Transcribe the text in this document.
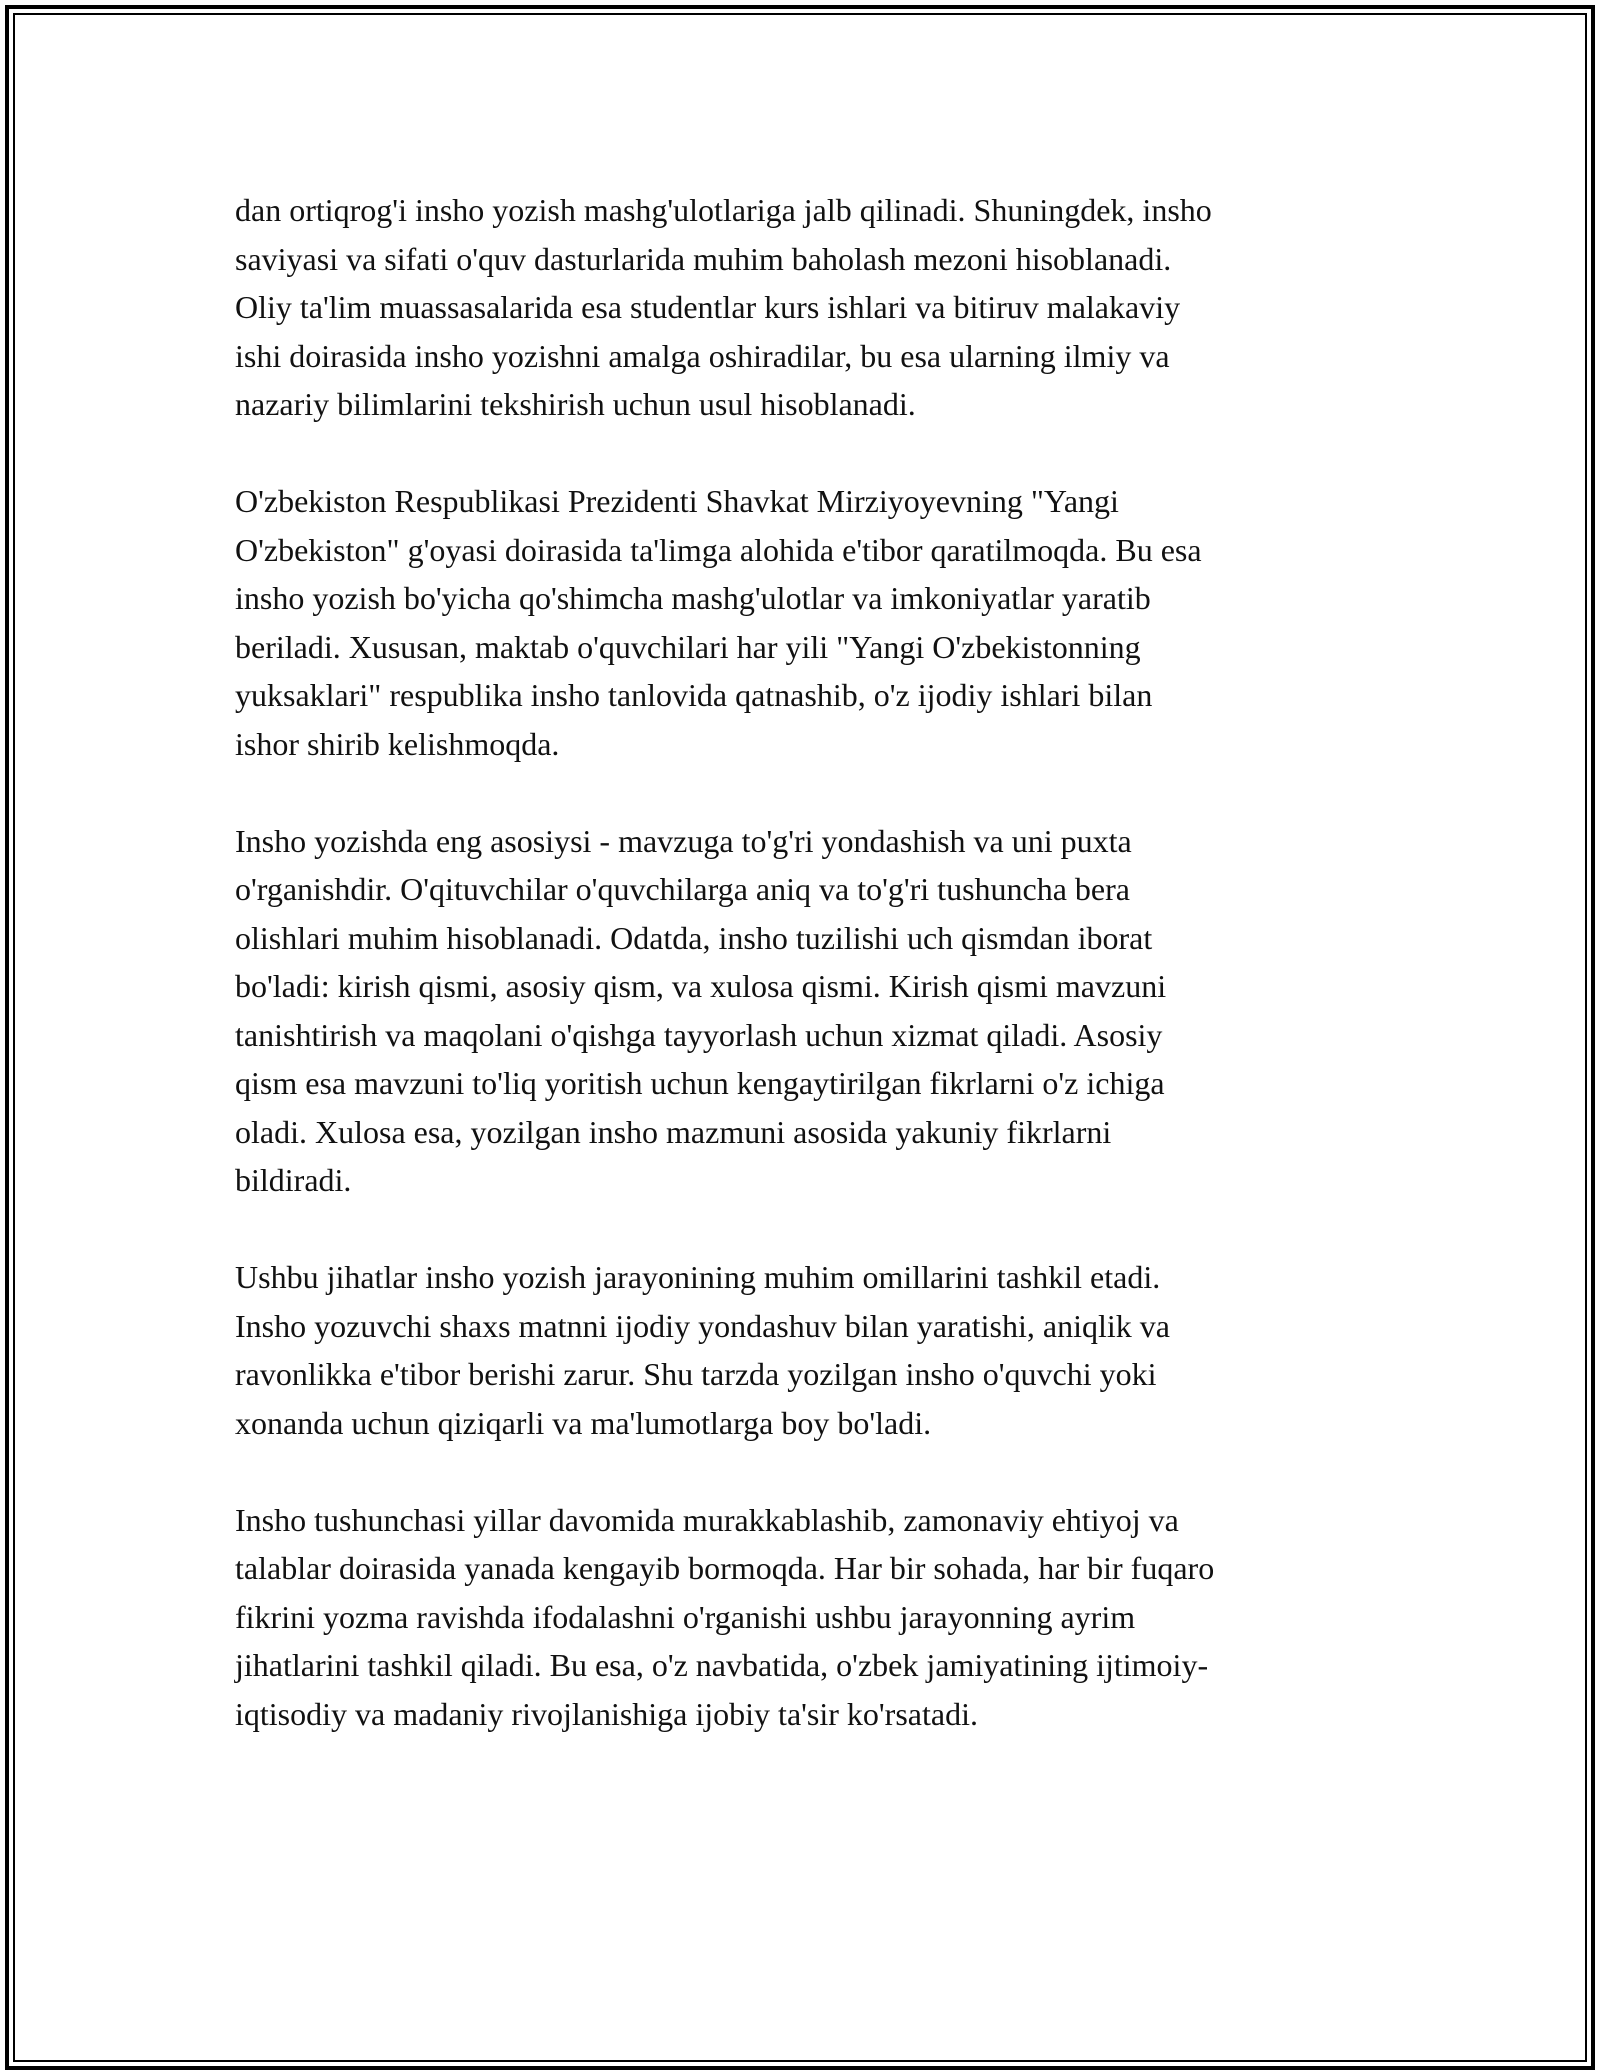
dan ortiqrog'i insho yozish mashg'ulotlariga jalb qilinadi. Shuningdek, insho
saviyasi va sifati o'quv dasturlarida muhim baholash mezoni hisoblanadi.
Oliy ta'lim muassasalarida esa studentlar kurs ishlari va bitiruv malakaviy
ishi doirasida insho yozishni amalga oshiradilar, bu esa ularning ilmiy va
nazariy bilimlarini tekshirish uchun usul hisoblanadi.

O'zbekiston Respublikasi Prezidenti Shavkat Mirziyoyevning "Yangi
O'zbekiston" g'oyasi doirasida ta'limga alohida e'tibor qaratilmoqda. Bu esa
insho yozish bo'yicha qo'shimcha mashg'ulotlar va imkoniyatlar yaratib
beriladi. Xususan, maktab o'quvchilari har yili "Yangi O'zbekistonning
yuksaklari" respublika insho tanlovida qatnashib, o'z ijodiy ishlari bilan
ishor shirib kelishmoqda.

Insho yozishda eng asosiysi - mavzuga to'g'ri yondashish va uni puxta
o'rganishdir. O'qituvchilar o'quvchilarga aniq va to'g'ri tushuncha bera
olishlari muhim hisoblanadi. Odatda, insho tuzilishi uch qismdan iborat
bo'ladi: kirish qismi, asosiy qism, va xulosa qismi. Kirish qismi mavzuni
tanishtirish va maqolani o'qishga tayyorlash uchun xizmat qiladi. Asosiy
qism esa mavzuni to'liq yoritish uchun kengaytirilgan fikrlarni o'z ichiga
oladi. Xulosa esa, yozilgan insho mazmuni asosida yakuniy fikrlarni
bildiradi.

Ushbu jihatlar insho yozish jarayonining muhim omillarini tashkil etadi.
Insho yozuvchi shaxs matnni ijodiy yondashuv bilan yaratishi, aniqlik va
ravonlikka e'tibor berishi zarur. Shu tarzda yozilgan insho o'quvchi yoki
xonanda uchun qiziqarli va ma'lumotlarga boy bo'ladi.

Insho tushunchasi yillar davomida murakkablashib, zamonaviy ehtiyoj va
talablar doirasida yanada kengayib bormoqda. Har bir sohada, har bir fuqaro
fikrini yozma ravishda ifodalashni o'rganishi ushbu jarayonning ayrim
jihatlarini tashkil qiladi. Bu esa, o'z navbatida, o'zbek jamiyatining ijtimoiy-
iqtisodiy va madaniy rivojlanishiga ijobiy ta'sir ko'rsatadi.
